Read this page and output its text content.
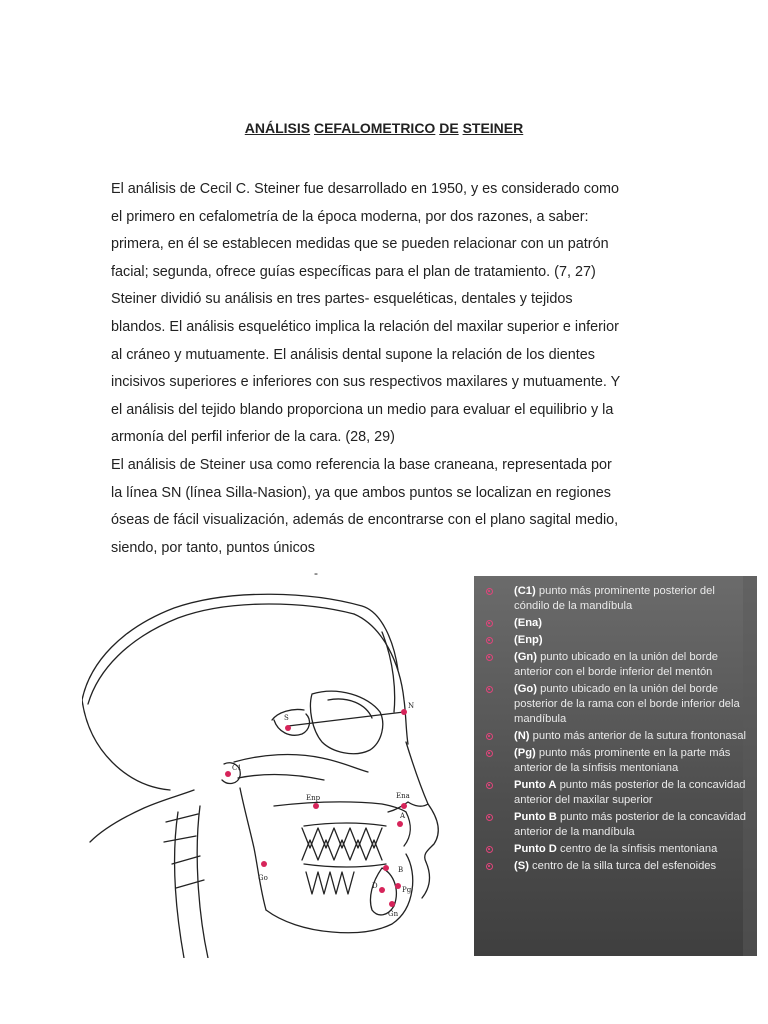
ANÁLISIS CEFALOMETRICO DE STEINER

El análisis de Cecil C. Steiner fue desarrollado en 1950, y es considerado como

el primero en cefalometría de la época moderna, por dos razones, a saber:

primera, en él se establecen medidas que se pueden relacionar con un patrón

facial; segunda, ofrece guías específicas para el plan de tratamiento. (7, 27)

Steiner dividió su análisis en tres partes- esqueléticas, dentales y tejidos

blandos. El análisis esquelético implica la relación del maxilar superior e inferior

al cráneo y mutuamente. El análisis dental supone la relación de los dientes

incisivos superiores e inferiores con sus respectivos maxilares y mutuamente. Y

el análisis del tejido blando proporciona un medio para evaluar el equilibrio y la

armonía del perfil inferior de la cara. (28, 29)

El análisis de Steiner usa como referencia la base craneana, representada por

la línea SN (línea Silla-Nasion), ya que ambos puntos se localizan en regiones

óseas de fácil visualización, además de encontrarse con el plano sagital medio,

siendo, por tanto, puntos únicos

-
S
N
C1
Ena
Enp
A
B
D	Pg
Gn
Go
(C1) punto más prominente posterior del cóndilo de la mandíbula
(Ena)
(Enp)
(Gn) punto ubicado en la unión del borde anterior con el borde inferior del mentón
(Go) punto ubicado en la unión del borde posterior de la rama con el borde inferior dela mandíbula
(N) punto más anterior de la sutura frontonasal
(Pg) punto más prominente en la parte más anterior de la sínfisis mentoniana
Punto A punto más posterior de la concavidad anterior del maxilar superior
Punto B punto más posterior de la concavidad anterior de la mandíbula
Punto D centro de la sínfisis mentoniana
(S) centro de la silla turca del esfenoides
